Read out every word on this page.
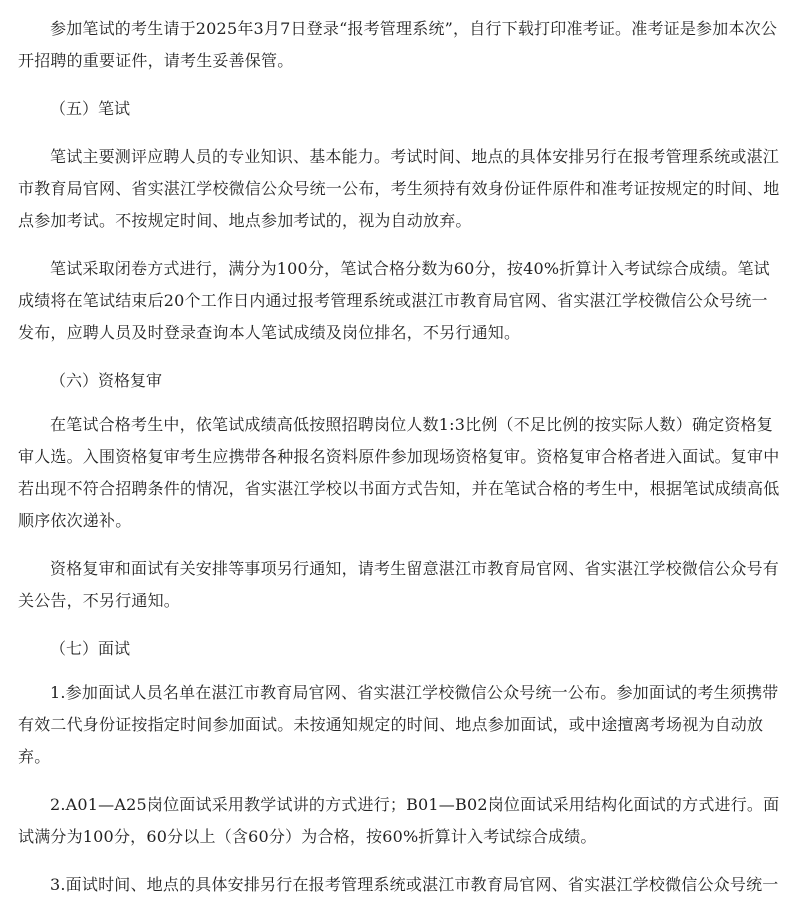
参加笔试的考生请于2025年3月7日登录“报考管理系统”，自行下载打印准考证。准考证是参加本次公开招聘的重要证件，请考生妥善保管。

（五）笔试

笔试主要测评应聘人员的专业知识、基本能力。考试时间、地点的具体安排另行在报考管理系统或湛江市教育局官网、省实湛江学校微信公众号统一公布，考生须持有效身份证件原件和准考证按规定的时间、地点参加考试。不按规定时间、地点参加考试的，视为自动放弃。

笔试采取闭卷方式进行，满分为100分，笔试合格分数为60分，按40%折算计入考试综合成绩。笔试成绩将在笔试结束后20个工作日内通过报考管理系统或湛江市教育局官网、省实湛江学校微信公众号统一发布，应聘人员及时登录查询本人笔试成绩及岗位排名，不另行通知。

（六）资格复审

在笔试合格考生中，依笔试成绩高低按照招聘岗位人数1:3比例（不足比例的按实际人数）确定资格复审人选。入围资格复审考生应携带各种报名资料原件参加现场资格复审。资格复审合格者进入面试。复审中若出现不符合招聘条件的情况，省实湛江学校以书面方式告知，并在笔试合格的考生中，根据笔试成绩高低顺序依次递补。

资格复审和面试有关安排等事项另行通知，请考生留意湛江市教育局官网、省实湛江学校微信公众号有关公告，不另行通知。

（七）面试

1.参加面试人员名单在湛江市教育局官网、省实湛江学校微信公众号统一公布。参加面试的考生须携带有效二代身份证按指定时间参加面试。未按通知规定的时间、地点参加面试，或中途擅离考场视为自动放弃。

2.A01—A25岗位面试采用教学试讲的方式进行；B01—B02岗位面试采用结构化面试的方式进行。面试满分为100分，60分以上（含60分）为合格，按60%折算计入考试综合成绩。

3.面试时间、地点的具体安排另行在报考管理系统或湛江市教育局官网、省实湛江学校微信公众号统一
